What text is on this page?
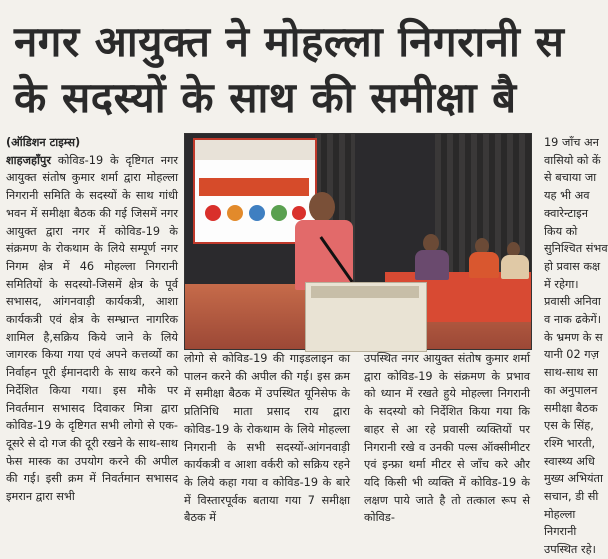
नगर आयुक्त ने मोहल्ला निगरानी स
के सदस्यों के साथ की समीक्षा बै

(ऑडिशन टाइम्स)

शाहजहाँपुर कोविड-19 के दृष्टिगत नगर आयुक्त संतोष कुमार शर्मा द्वारा मोहल्ला निगरानी समिति के सदस्यों के साथ गांधी भवन में समीक्षा बैठक की गई जिसमें नगर आयुक्त द्वारा नगर में कोविड-19 के संक्रमण के रोकथाम के लिये सम्पूर्ण नगर निगम क्षेत्र में 46 मोहल्ला निगरानी समितियों के सदस्यो-जिसमें क्षेत्र के पूर्व सभासद, आंगनवाड़ी कार्यकत्री, आशा कार्यकत्री एवं क्षेत्र के सम्भ्रान्त नागरिक शामिल है,सक्रिय किये जाने के लिये जागरक किया गया एवं अपने कत्तर्व्यो का निर्वाहन पूरी ईमानदारी के साथ करने को निर्देशित किया गया। इस मौके पर निवर्तमान सभासद दिवाकर मित्रा द्वारा कोविड-19 के दृष्टिगत सभी लोगो से एक-दूसरे से दो गज की दूरी रखने के साथ-साथ फेस मास्क का उपयोग करने की अपील की गई। इसी क्रम में निवर्तमान सभासद इमरान द्वारा सभी

लोगो से कोविड-19 की गाइडलाइन का पालन करने की अपील की गई। इस क्रम में समीक्षा बैठक में उपस्थित यूनिसेफ के प्रतिनिधि माता प्रसाद राय द्वारा कोविड-19 के रोकथाम के लिये मोहल्ला निगरानी के सभी सदस्यों-आंगनवाड़ी कार्यकत्री व आशा वर्करी को सक्रिय रहने के लिये कहा गया व कोविड-19 के बारे में विस्तारपूर्वक बताया गया 7 समीक्षा बैठक में

उपस्थित नगर आयुक्त संतोष कुमार शर्मा द्वारा कोविड-19 के संक्रमण के प्रभाव को ध्यान में रखते हुये मोहल्ला निगरानी के सदस्यो को निर्देशित किया गया कि बाहर से आ रहे प्रवासी व्यक्तियों पर निगरानी रखे व उनकी पल्स ऑक्सीमीटर एवं इन्फ्रा थर्मा मीटर से जाँच करे और यदि किसी भी व्यक्ति में कोविड-19 के लक्षण पाये जाते है तो तत्काल रूप से कोविड-

19 जाँच अन वासियो को कें से बचाया जा यह भी अव क्वारेन्टाइन किय को सुनिश्चित संभव हो प्रवास कक्ष में रहेगा। प्रवासी अनिवा व नाक ढकेगें। के भ्रमण के स यानी 02 गज़ साथ-साथ सा का अनुपालन समीक्षा बैठक एस के सिंह, रश्मि भारती, स्वास्थ्य अधि मुख्य अभियंता सचान, डी सी मोहल्ला निगरानी उपस्थित रहे।
